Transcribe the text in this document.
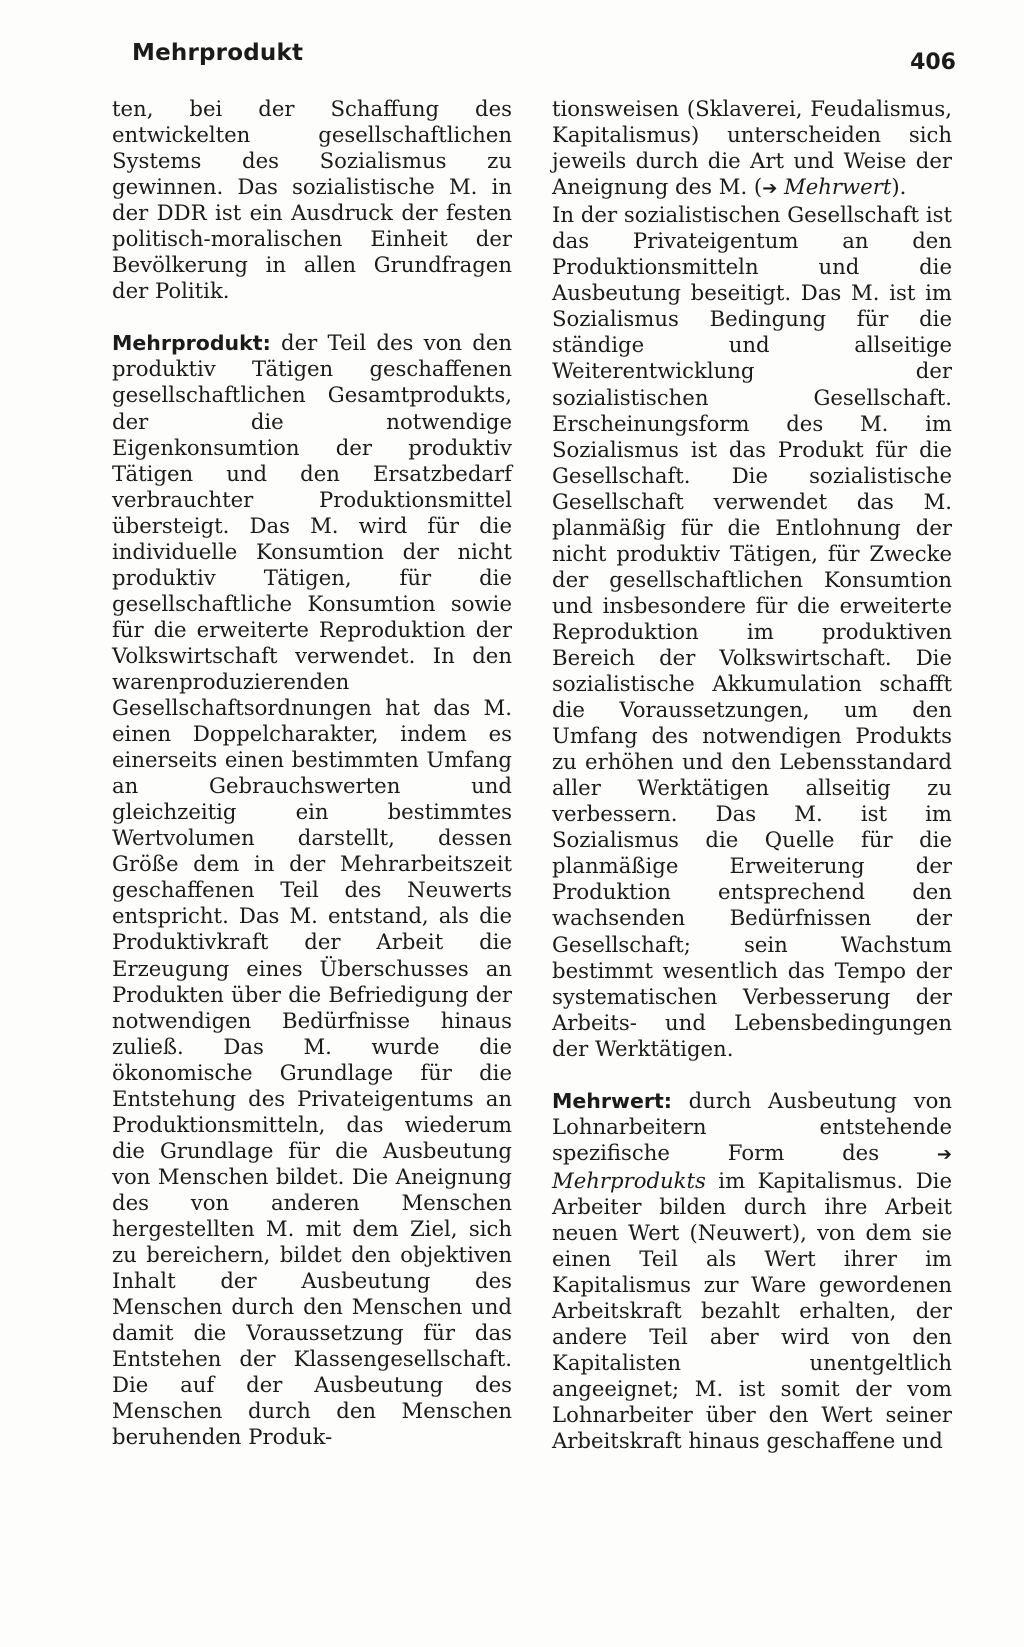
Mehrprodukt	406

ten, bei der Schaffung des entwickelten gesellschaftlichen Systems des Sozialismus zu gewinnen. Das sozialistische M. in der DDR ist ein Ausdruck der festen politisch-moralischen Einheit der Bevölkerung in allen Grundfragen der Politik.

Mehrprodukt: der Teil des von den produktiv Tätigen geschaffenen gesellschaftlichen Gesamtprodukts, der die notwendige Eigenkonsumtion der produktiv Tätigen und den Ersatzbedarf verbrauchter Produktionsmittel übersteigt. Das M. wird für die individuelle Konsumtion der nicht produktiv Tätigen, für die gesellschaftliche Konsumtion sowie für die erweiterte Reproduktion der Volkswirtschaft verwendet. In den warenproduzierenden Gesellschaftsordnungen hat das M. einen Doppelcharakter, indem es einerseits einen bestimmten Umfang an Gebrauchswerten und gleichzeitig ein bestimmtes Wertvolumen darstellt, dessen Größe dem in der Mehrarbeitszeit geschaffenen Teil des Neuwerts entspricht. Das M. entstand, als die Produktivkraft der Arbeit die Erzeugung eines Überschusses an Produkten über die Befriedigung der notwendigen Bedürfnisse hinaus zuließ. Das M. wurde die ökonomische Grundlage für die Entstehung des Privateigentums an Produktionsmitteln, das wiederum die Grundlage für die Ausbeutung von Menschen bildet. Die Aneignung des von anderen Menschen hergestellten M. mit dem Ziel, sich zu bereichern, bildet den objektiven Inhalt der Ausbeutung des Menschen durch den Menschen und damit die Voraussetzung für das Entstehen der Klassengesellschaft. Die auf der Ausbeutung des Menschen durch den Menschen beruhenden Produk-

tionsweisen (Sklaverei, Feudalismus, Kapitalismus) unterscheiden sich jeweils durch die Art und Weise der Aneignung des M. (➔ Mehrwert).

In der sozialistischen Gesellschaft ist das Privateigentum an den Produktionsmitteln und die Ausbeutung beseitigt. Das M. ist im Sozialismus Bedingung für die ständige und allseitige Weiterentwicklung der sozialistischen Gesellschaft. Erscheinungsform des M. im Sozialismus ist das Produkt für die Gesellschaft. Die sozialistische Gesellschaft verwendet das M. planmäßig für die Entlohnung der nicht produktiv Tätigen, für Zwecke der gesellschaftlichen Konsumtion und insbesondere für die erweiterte Reproduktion im produktiven Bereich der Volkswirtschaft. Die sozialistische Akkumulation schafft die Voraussetzungen, um den Umfang des notwendigen Produkts zu erhöhen und den Lebensstandard aller Werktätigen allseitig zu verbessern. Das M. ist im Sozialismus die Quelle für die planmäßige Erweiterung der Produktion entsprechend den wachsenden Bedürfnissen der Gesellschaft; sein Wachstum bestimmt wesentlich das Tempo der systematischen Verbesserung der Arbeits- und Lebensbedingungen der Werktätigen.

Mehrwert: durch Ausbeutung von Lohnarbeitern entstehende spezifische Form des ➔ Mehrprodukts im Kapitalismus. Die Arbeiter bilden durch ihre Arbeit neuen Wert (Neuwert), von dem sie einen Teil als Wert ihrer im Kapitalismus zur Ware gewordenen Arbeitskraft bezahlt erhalten, der andere Teil aber wird von den Kapitalisten unentgeltlich angeeignet; M. ist somit der vom Lohnarbeiter über den Wert seiner Arbeitskraft hinaus geschaffene und
